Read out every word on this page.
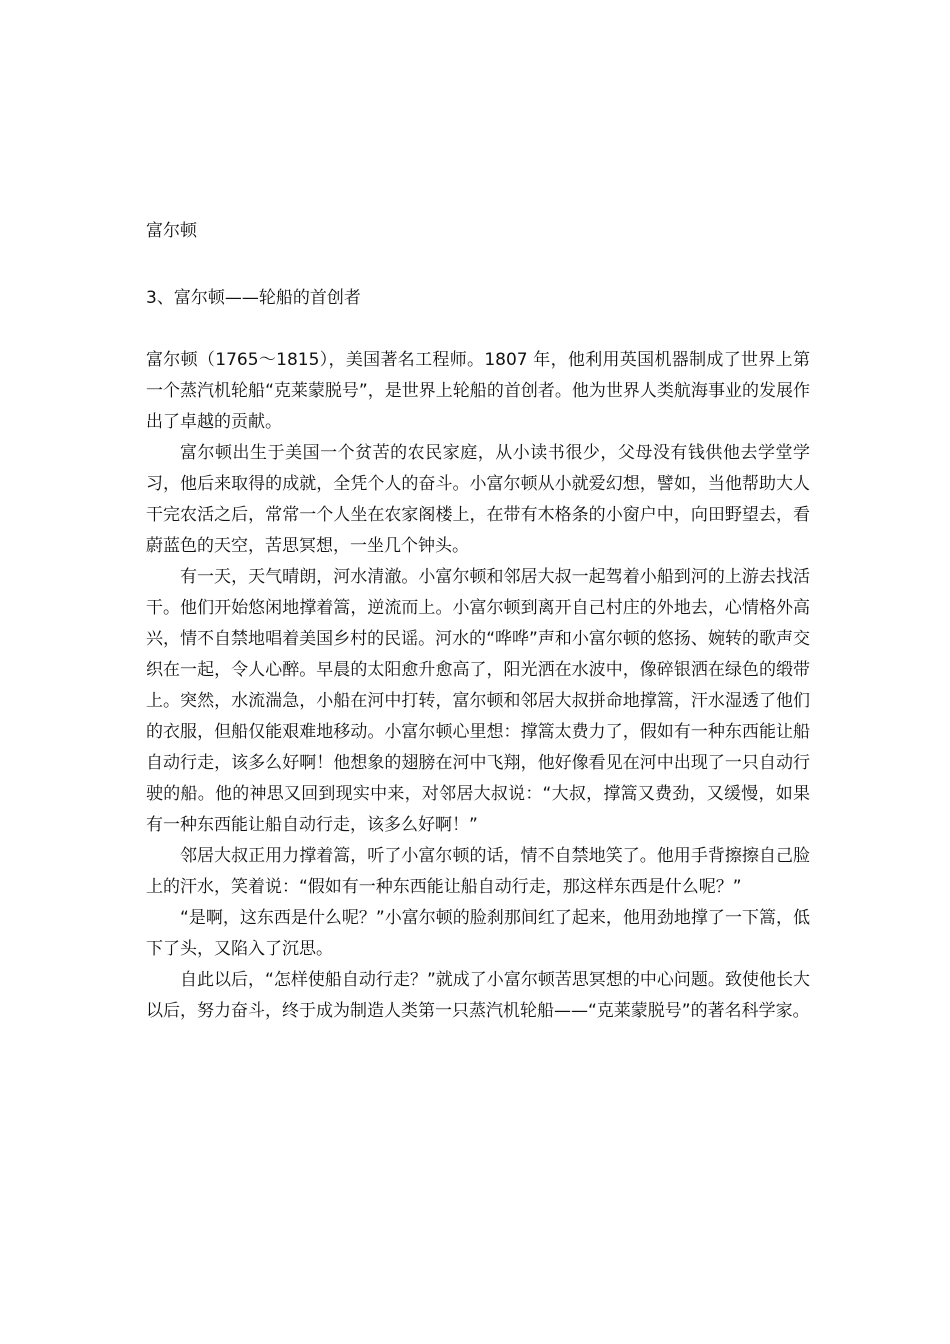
富尔顿
3、富尔顿——轮船的首创者

富尔顿（1765～1815），美国著名工程师。1807 年，他利用英国机器制成了世界上第一个蒸汽机轮船“克莱蒙脱号”，是世界上轮船的首创者。他为世界人类航海事业的发展作出了卓越的贡献。

富尔顿出生于美国一个贫苦的农民家庭，从小读书很少，父母没有钱供他去学堂学习，他后来取得的成就，全凭个人的奋斗。小富尔顿从小就爱幻想，譬如，当他帮助大人干完农活之后，常常一个人坐在农家阁楼上，在带有木格条的小窗户中，向田野望去，看蔚蓝色的天空，苦思冥想，一坐几个钟头。

有一天，天气晴朗，河水清澈。小富尔顿和邻居大叔一起驾着小船到河的上游去找活干。他们开始悠闲地撑着篙，逆流而上。小富尔顿到离开自己村庄的外地去，心情格外高兴，情不自禁地唱着美国乡村的民谣。河水的“哗哗”声和小富尔顿的悠扬、婉转的歌声交织在一起，令人心醉。早晨的太阳愈升愈高了，阳光洒在水波中，像碎银洒在绿色的缎带上。突然，水流湍急，小船在河中打转，富尔顿和邻居大叔拼命地撑篙，汗水湿透了他们的衣服，但船仅能艰难地移动。小富尔顿心里想：撑篙太费力了，假如有一种东西能让船自动行走，该多么好啊！他想象的翅膀在河中飞翔，他好像看见在河中出现了一只自动行驶的船。他的神思又回到现实中来，对邻居大叔说：“大叔，撑篙又费劲，又缓慢，如果有一种东西能让船自动行走，该多么好啊！”

邻居大叔正用力撑着篙，听了小富尔顿的话，情不自禁地笑了。他用手背擦擦自己脸上的汗水，笑着说：“假如有一种东西能让船自动行走，那这样东西是什么呢？”

“是啊，这东西是什么呢？”小富尔顿的脸刹那间红了起来，他用劲地撑了一下篙，低下了头，又陷入了沉思。

自此以后，“怎样使船自动行走？”就成了小富尔顿苦思冥想的中心问题。致使他长大以后，努力奋斗，终于成为制造人类第一只蒸汽机轮船——“克莱蒙脱号”的著名科学家。
